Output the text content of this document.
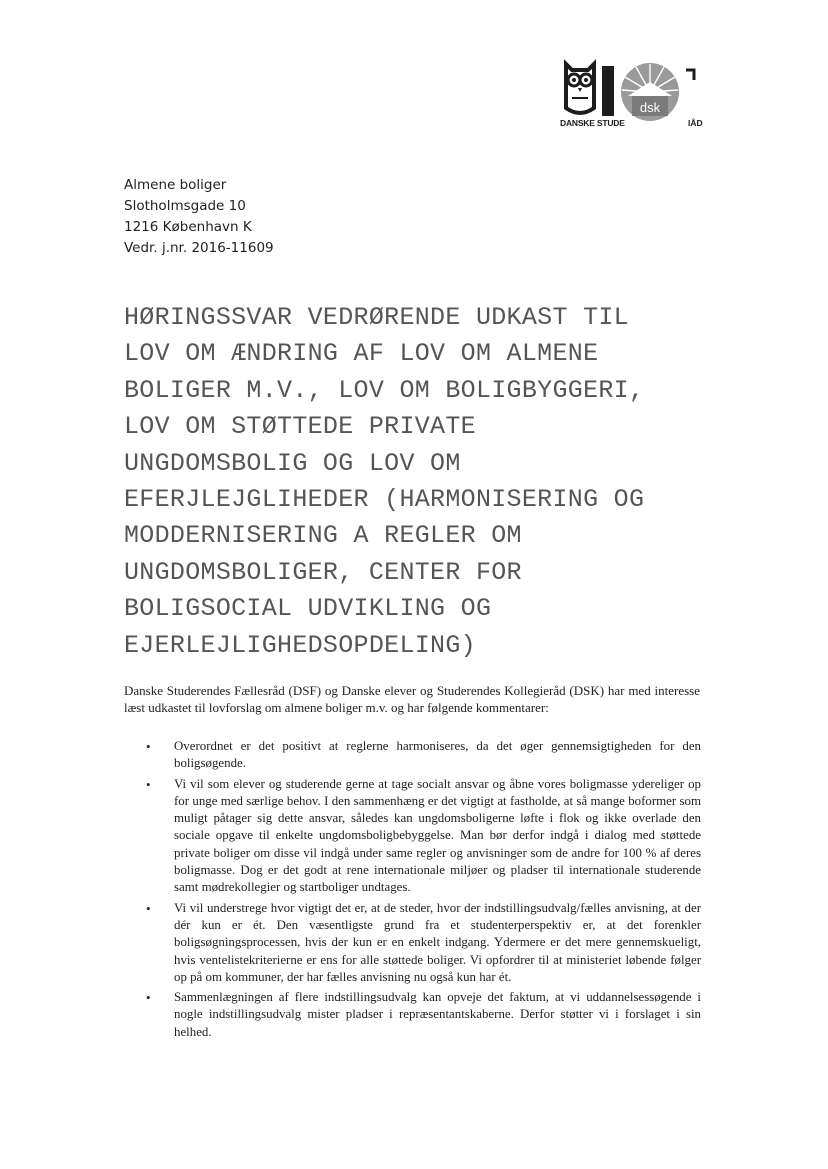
dsk
DANSKE STUDE	IÅD
Almene boliger
Slotholmsgade 10
1216 København K
Vedr. j.nr. 2016-11609
HØRINGSSVAR VEDRØRENDE UDKAST TIL
LOV OM ÆNDRING AF LOV OM ALMENE
BOLIGER M.V., LOV OM BOLIGBYGGERI,
LOV OM STØTTEDE PRIVATE
UNGDOMSBOLIG OG LOV OM
EFERJLEJGLIHEDER (HARMONISERING OG
MODDERNISERING A REGLER OM
UNGDOMSBOLIGER, CENTER FOR
BOLIGSOCIAL UDVIKLING OG
EJERLEJLIGHEDSOPDELING)
Danske Studerendes Fællesråd (DSF) og Danske elever og Studerendes Kollegieråd (DSK) har med interesse læst udkastet til lovforslag om almene boliger m.v. og har følgende kommentarer:
• Overordnet er det positivt at reglerne harmoniseres, da det øger gennemsigtigheden for den boligsøgende.
• Vi vil som elever og studerende gerne at tage socialt ansvar og åbne vores boligmasse ydereliger op for unge med særlige behov. I den sammenhæng er det vigtigt at fastholde, at så mange boformer som muligt påtager sig dette ansvar, således kan ungdomsboligerne løfte i flok og ikke overlade den sociale opgave til enkelte ungdomsboligbebyggelse. Man bør derfor indgå i dialog med støttede private boliger om disse vil indgå under same regler og anvisninger som de andre for 100 % af deres boligmasse. Dog er det godt at rene internationale miljøer og pladser til internationale studerende samt mødrekollegier og startboliger undtages.
• Vi vil understrege hvor vigtigt det er, at de steder, hvor der indstillingsudvalg/fælles anvisning, at der dér kun er ét. Den væsentligste grund fra et studenterperspektiv er, at det forenkler boligsøgningsprocessen, hvis der kun er en enkelt indgang. Ydermere er det mere gennemskueligt, hvis ventelistekriterierne er ens for alle støttede boliger. Vi opfordrer til at ministeriet løbende følger op på om kommuner, der har fælles anvisning nu også kun har ét.
• Sammenlægningen af flere indstillingsudvalg kan opveje det faktum, at vi uddannelsessøgende i nogle indstillingsudvalg mister pladser i repræsentantskaberne. Derfor støtter vi i forslaget i sin helhed.
